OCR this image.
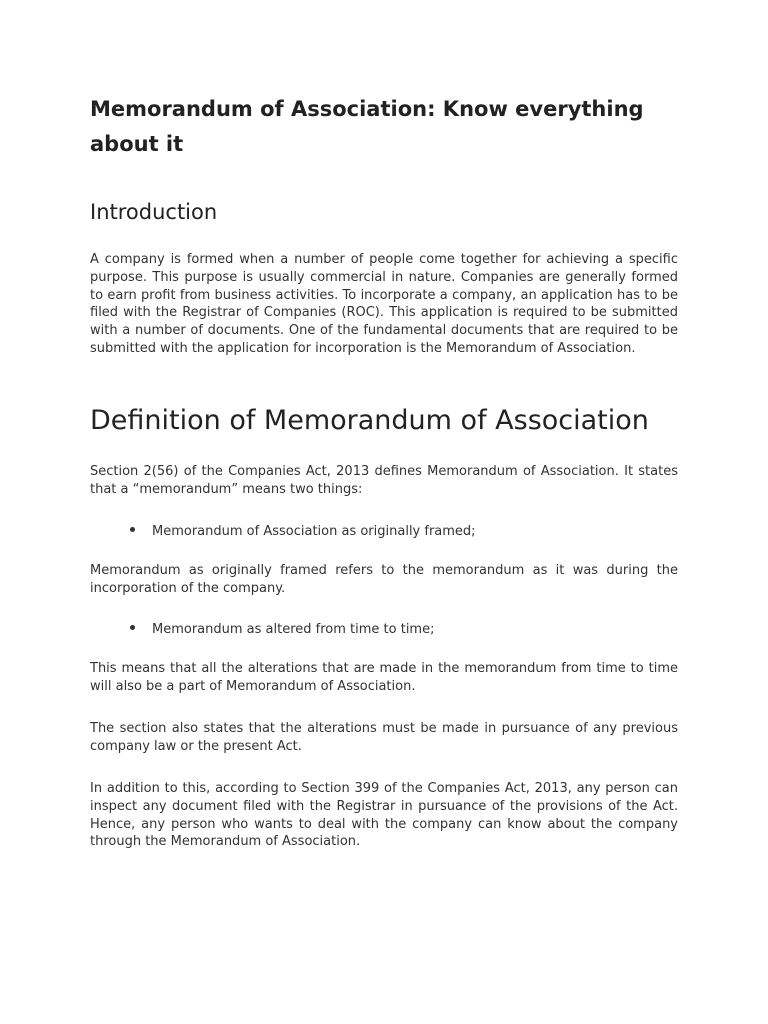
Memorandum of Association: Know everything about it
Introduction

A company is formed when a number of people come together for achieving a specific purpose. This purpose is usually commercial in nature. Companies are generally formed to earn profit from business activities. To incorporate a company, an application has to be filed with the Registrar of Companies (ROC). This application is required to be submitted with a number of documents. One of the fundamental documents that are required to be submitted with the application for incorporation is the Memorandum of Association.

Definition of Memorandum of Association

Section 2(56) of the Companies Act, 2013 defines Memorandum of Association. It states that a “memorandum” means two things:

Memorandum of Association as originally framed;

Memorandum as originally framed refers to the memorandum as it was during the incorporation of the company.

Memorandum as altered from time to time;

This means that all the alterations that are made in the memorandum from time to time will also be a part of Memorandum of Association.

The section also states that the alterations must be made in pursuance of any previous company law or the present Act.

In addition to this, according to Section 399 of the Companies Act, 2013, any person can inspect any document filed with the Registrar in pursuance of the provisions of the Act. Hence, any person who wants to deal with the company can know about the company through the Memorandum of Association.
